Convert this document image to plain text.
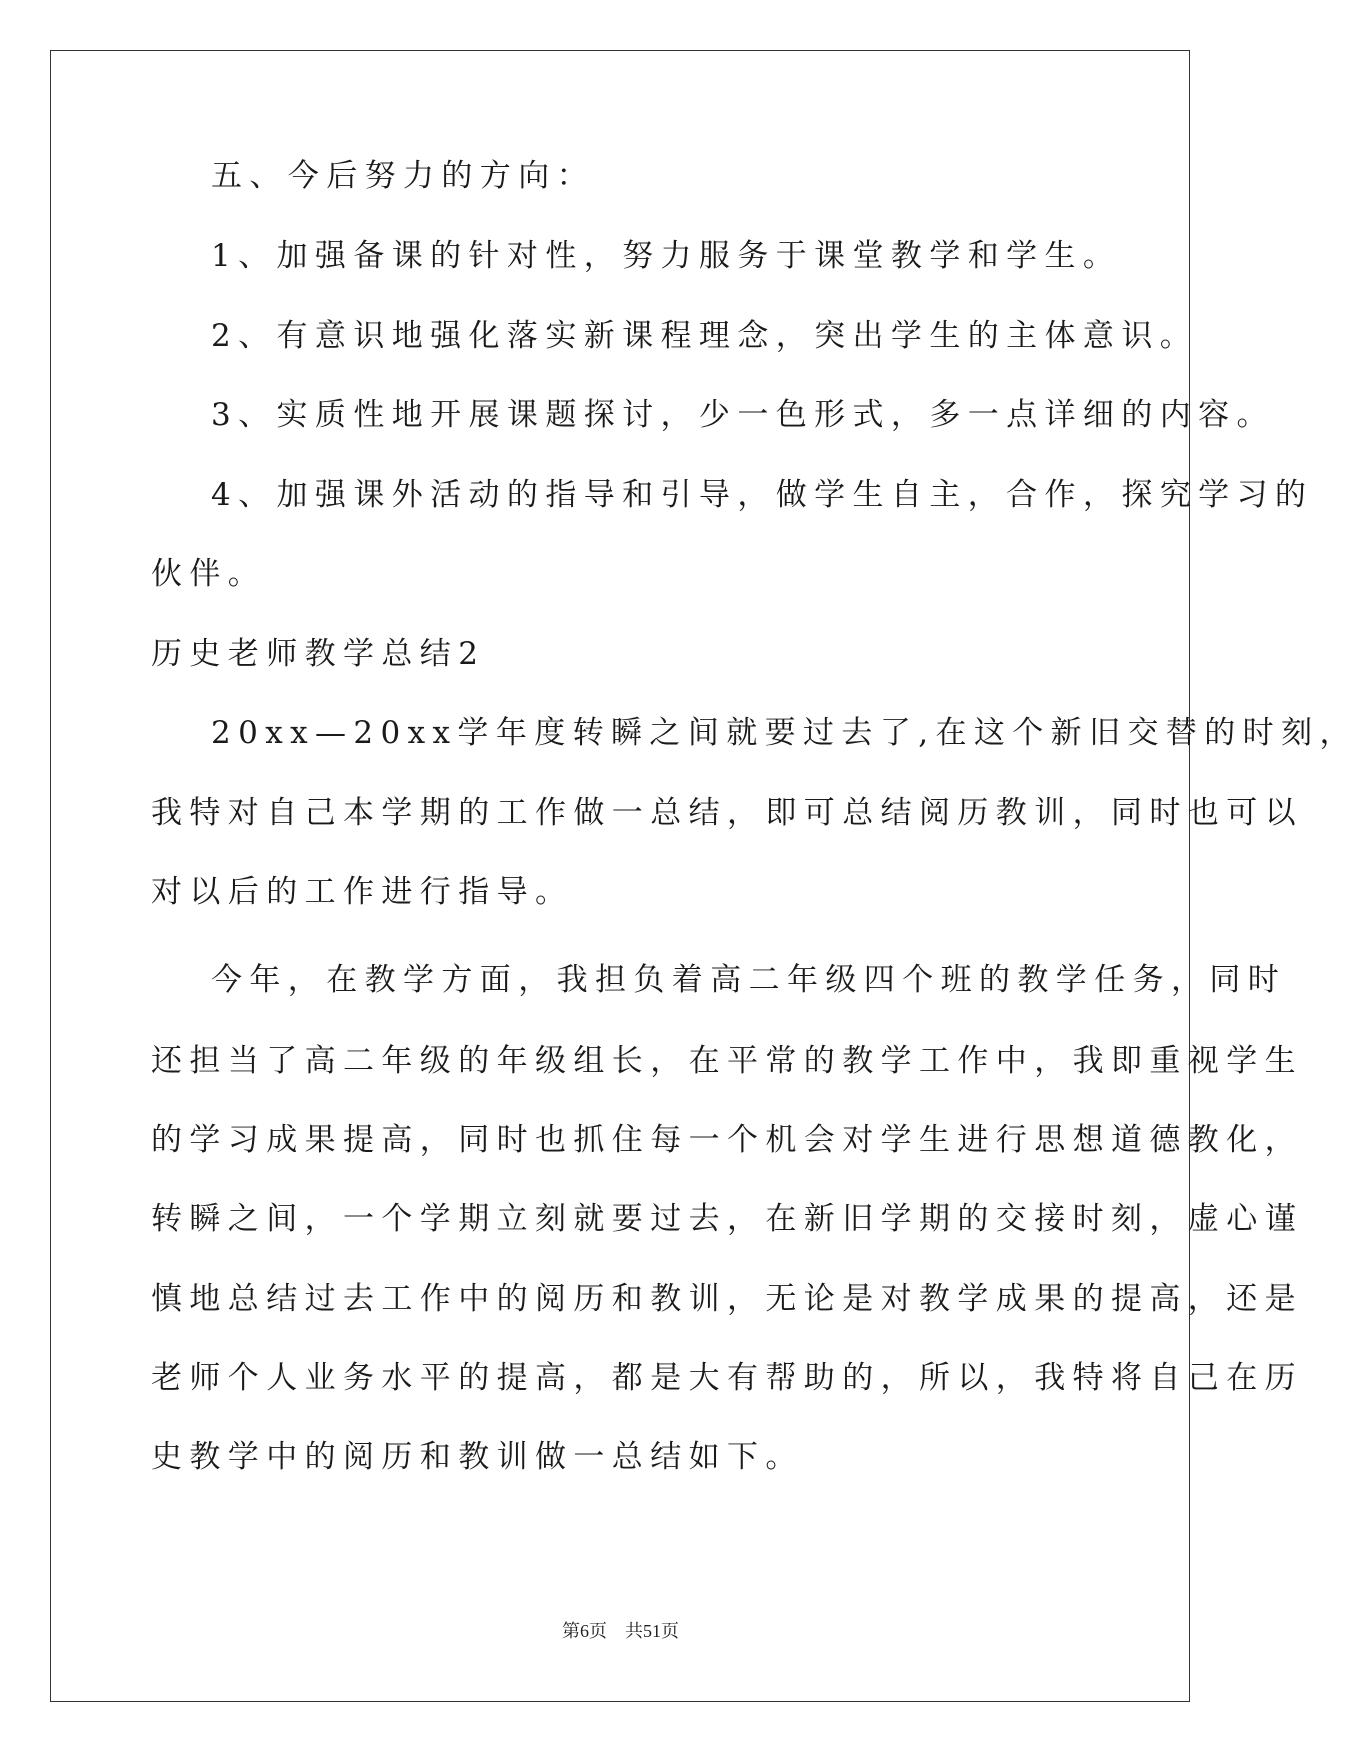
五、今后努力的方向：

1、加强备课的针对性，努力服务于课堂教学和学生。

2、有意识地强化落实新课程理念，突出学生的主体意识。

3、实质性地开展课题探讨，少一色形式，多一点详细的内容。

4、加强课外活动的指导和引导，做学生自主，合作，探究学习的

伙伴。

历史老师教学总结2

20xx—20xx学年度转瞬之间就要过去了,在这个新旧交替的时刻，

我特对自己本学期的工作做一总结，即可总结阅历教训，同时也可以

对以后的工作进行指导。

今年，在教学方面，我担负着高二年级四个班的教学任务，同时

还担当了高二年级的年级组长，在平常的教学工作中，我即重视学生

的学习成果提高，同时也抓住每一个机会对学生进行思想道德教化，

转瞬之间，一个学期立刻就要过去，在新旧学期的交接时刻，虚心谨

慎地总结过去工作中的阅历和教训，无论是对教学成果的提高，还是

老师个人业务水平的提高，都是大有帮助的，所以，我特将自己在历

史教学中的阅历和教训做一总结如下。

第6页 共51页
